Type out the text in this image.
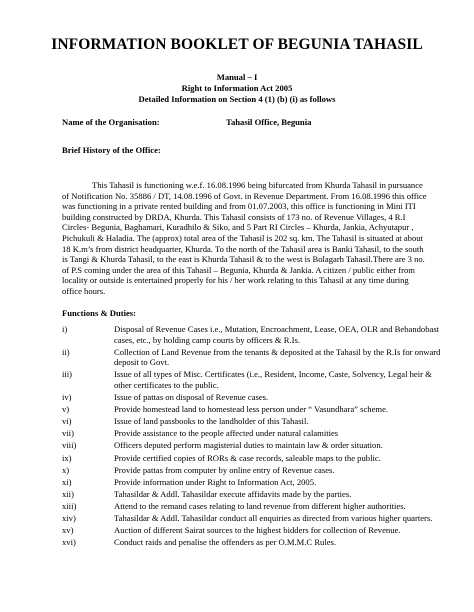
INFORMATION BOOKLET OF BEGUNIA TAHASIL
Manual – I
Right to Information Act 2005
Detailed Information on Section 4 (1) (b) (i) as follows
Name of the Organisation:	Tahasil Office, Begunia
Brief History of the Office:
This Tahasil is functioning w.e.f. 16.08.1996 being bifurcated from Khurda Tahasil in pursuance
of Notification No. 35886 / DT, 14.08.1996 of Govt. in Revenue Department. From 16.08.1996 this office
was functioning in a private rented building and from 01.07.2003, this office is functioning in Mini ITI
building constructed by DRDA, Khurda. This Tahasil consists of 173 no. of Revenue Villages, 4 R.I
Circles- Begunia, Baghamari, Kuradhilo & Siko, and 5 Part RI Circles – Khurda, Jankia, Achyutapur ,
Pichukuli & Haladia. The (approx) total area of the Tahasil is 202 sq. km. The Tahasil is situated at about
18 K.m’s from district headquarter, Khurda. To the north of the Tahasil area is Banki Tahasil, to the south
is Tangi & Khurda Tahasil, to the east is Khurda Tahasil & to the west is Bolagarh Tahasil.There are 3 no.
of P.S coming under the area of this Tahasil – Begunia, Khurda & Jankia. A citizen / public either from
locality or outside is entertained properly for his / her work relating to this Tahasil at any time during
office hours.
Functions & Duties:
i)	Disposal of Revenue Cases i.e., Mutation, Encroachment, Lease, OEA, OLR and Bebandobast
cases, etc., by holding camp courts by officers & R.Is.
ii)	Collection of Land Revenue from the tenants & deposited at the Tahasil by the R.Is for onward
deposit to Govt.
iii)	Issue of all types of Misc. Certificates (i.e., Resident, Income, Caste, Solvency, Legal heir &
other certificates to the public.
iv)	Issue of pattas on disposal of Revenue cases.
v)	Provide homestead land to homestead less person under “ Vasundhara” scheme.
vi)	Issue of land passbooks to the landholder of this Tahasil.
vii)	Provide assistance to the people affected under natural calamities
viii)	Officers deputed perform magisterial duties to maintain law & order situation.
ix)	Provide certified copies of RORs & case records, saleable maps to the public.
x)	Provide pattas from computer by online entry of Revenue cases.
xi)	Provide information under Right to Information Act, 2005.
xii)	Tahasildar & Addl. Tahasildar execute affidavits made by the parties.
xiii)	Attend to the remand cases relating to land revenue from different higher authorities.
xiv)	Tahasildar & Addl. Tahasildar conduct all enquiries as directed from various higher quarters.
xv)	Auction of different Sairat sources to the highest bidders for collection of Revenue.
xvi)	Conduct raids and penalise the offenders as per O.M.M.C Rules.
